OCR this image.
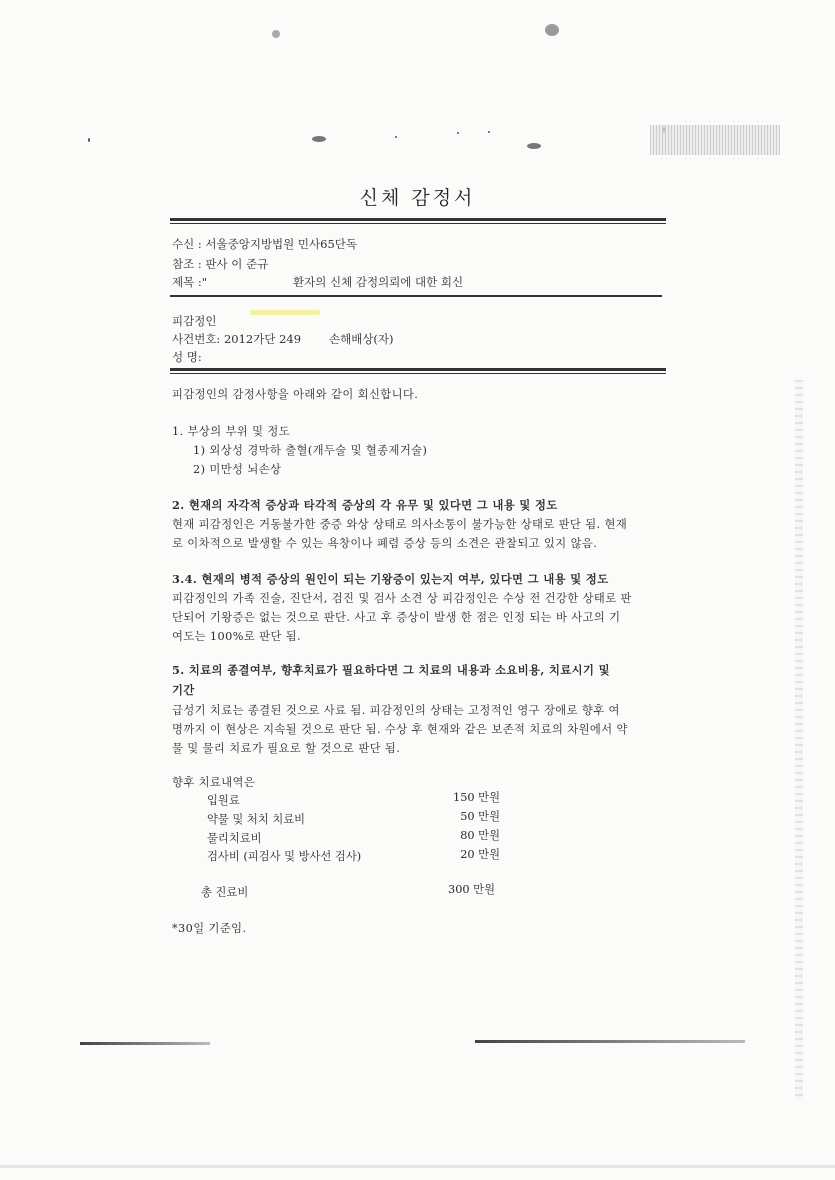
신체 감정서
수신 : 서울중앙지방법원 민사65단독
참조 : 판사 이 준규
제목 :"	환자의 신체 감정의뢰에 대한 회신
피감정인
사건번호: 2012가단 249 손해배상(자)
성 명:
피감정인의 감정사항을 아래와 같이 회신합니다.
1. 부상의 부위 및 정도
1) 외상성 경막하 출혈(개두술 및 혈종제거술)
2) 미만성 뇌손상
2. 현재의 자각적 증상과 타각적 증상의 각 유무 및 있다면 그 내용 및 정도
현재 피감정인은 거동불가한 중증 와상 상태로 의사소통이 불가능한 상태로 판단 됨. 현재
로 이차적으로 발생할 수 있는 욕창이나 폐렴 증상 등의 소견은 관찰되고 있지 않음.
3.4. 현재의 병적 증상의 원인이 되는 기왕증이 있는지 여부, 있다면 그 내용 및 정도
피감정인의 가족 진술, 진단서, 검진 및 검사 소견 상 피감정인은 수상 전 건강한 상태로 판
단되어 기왕증은 없는 것으로 판단. 사고 후 증상이 발생 한 점은 인정 되는 바 사고의 기
여도는 100%로 판단 됨.
5. 치료의 종결여부, 향후치료가 필요하다면 그 치료의 내용과 소요비용, 치료시기 및
기간
급성기 치료는 종결된 것으로 사료 됨. 피감정인의 상태는 고정적인 영구 장애로 향후 여
명까지 이 현상은 지속될 것으로 판단 됨. 수상 후 현재와 같은 보존적 치료의 차원에서 약
물 및 물리 치료가 필요로 할 것으로 판단 됨.
향후 치료내역은
입원료	150 만원
약물 및 처치 치료비	50 만원
물리치료비	80 만원
검사비 (피검사 및 방사선 검사)	20 만원
총 진료비	300 만원
*30일 기준임.
